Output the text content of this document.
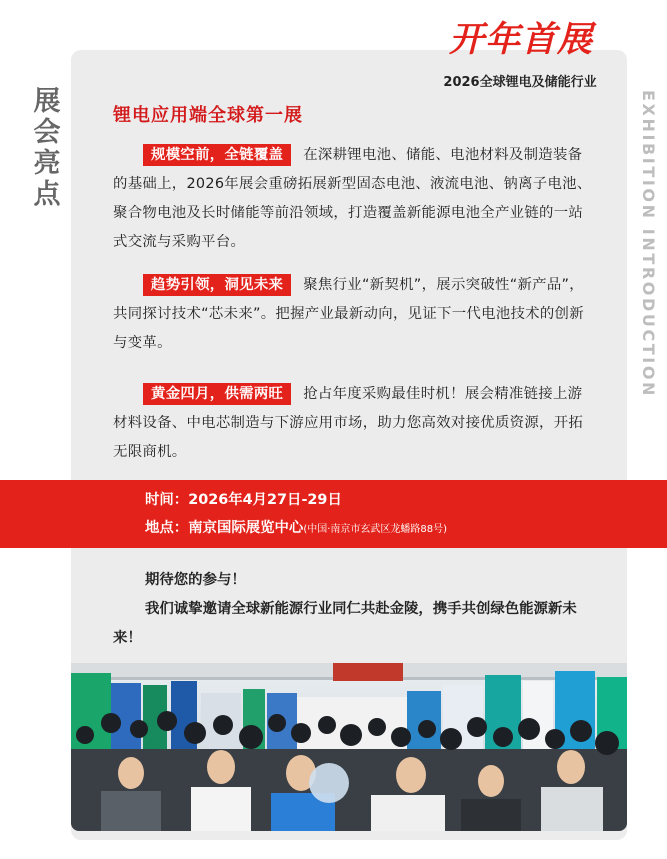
展
会
亮
点	EXHIBITION INTRODUCTION
开年首展
2026全球锂电及储能行业
锂电应用端全球第一展
规模空前，全链覆盖 在深耕锂电池、储能、电池材料及制造装备的基础上，2026年展会重磅拓展新型固态电池、液流电池、钠离子电池、聚合物电池及长时储能等前沿领域，打造覆盖新能源电池全产业链的一站式交流与采购平台。
趋势引领，洞见未来 聚焦行业“新契机”，展示突破性“新产品”，共同探讨技术“芯未来”。把握产业最新动向，见证下一代电池技术的创新与变革。
黄金四月，供需两旺 抢占年度采购最佳时机！展会精准链接上游材料设备、中电芯制造与下游应用市场，助力您高效对接优质资源，开拓无限商机。
时间：2026年4月27日-29日
地点：南京国际展览中心(中国·南京市玄武区龙蟠路88号)
期待您的参与！
我们诚挚邀请全球新能源行业同仁共赴金陵，携手共创绿色能源新未来！
